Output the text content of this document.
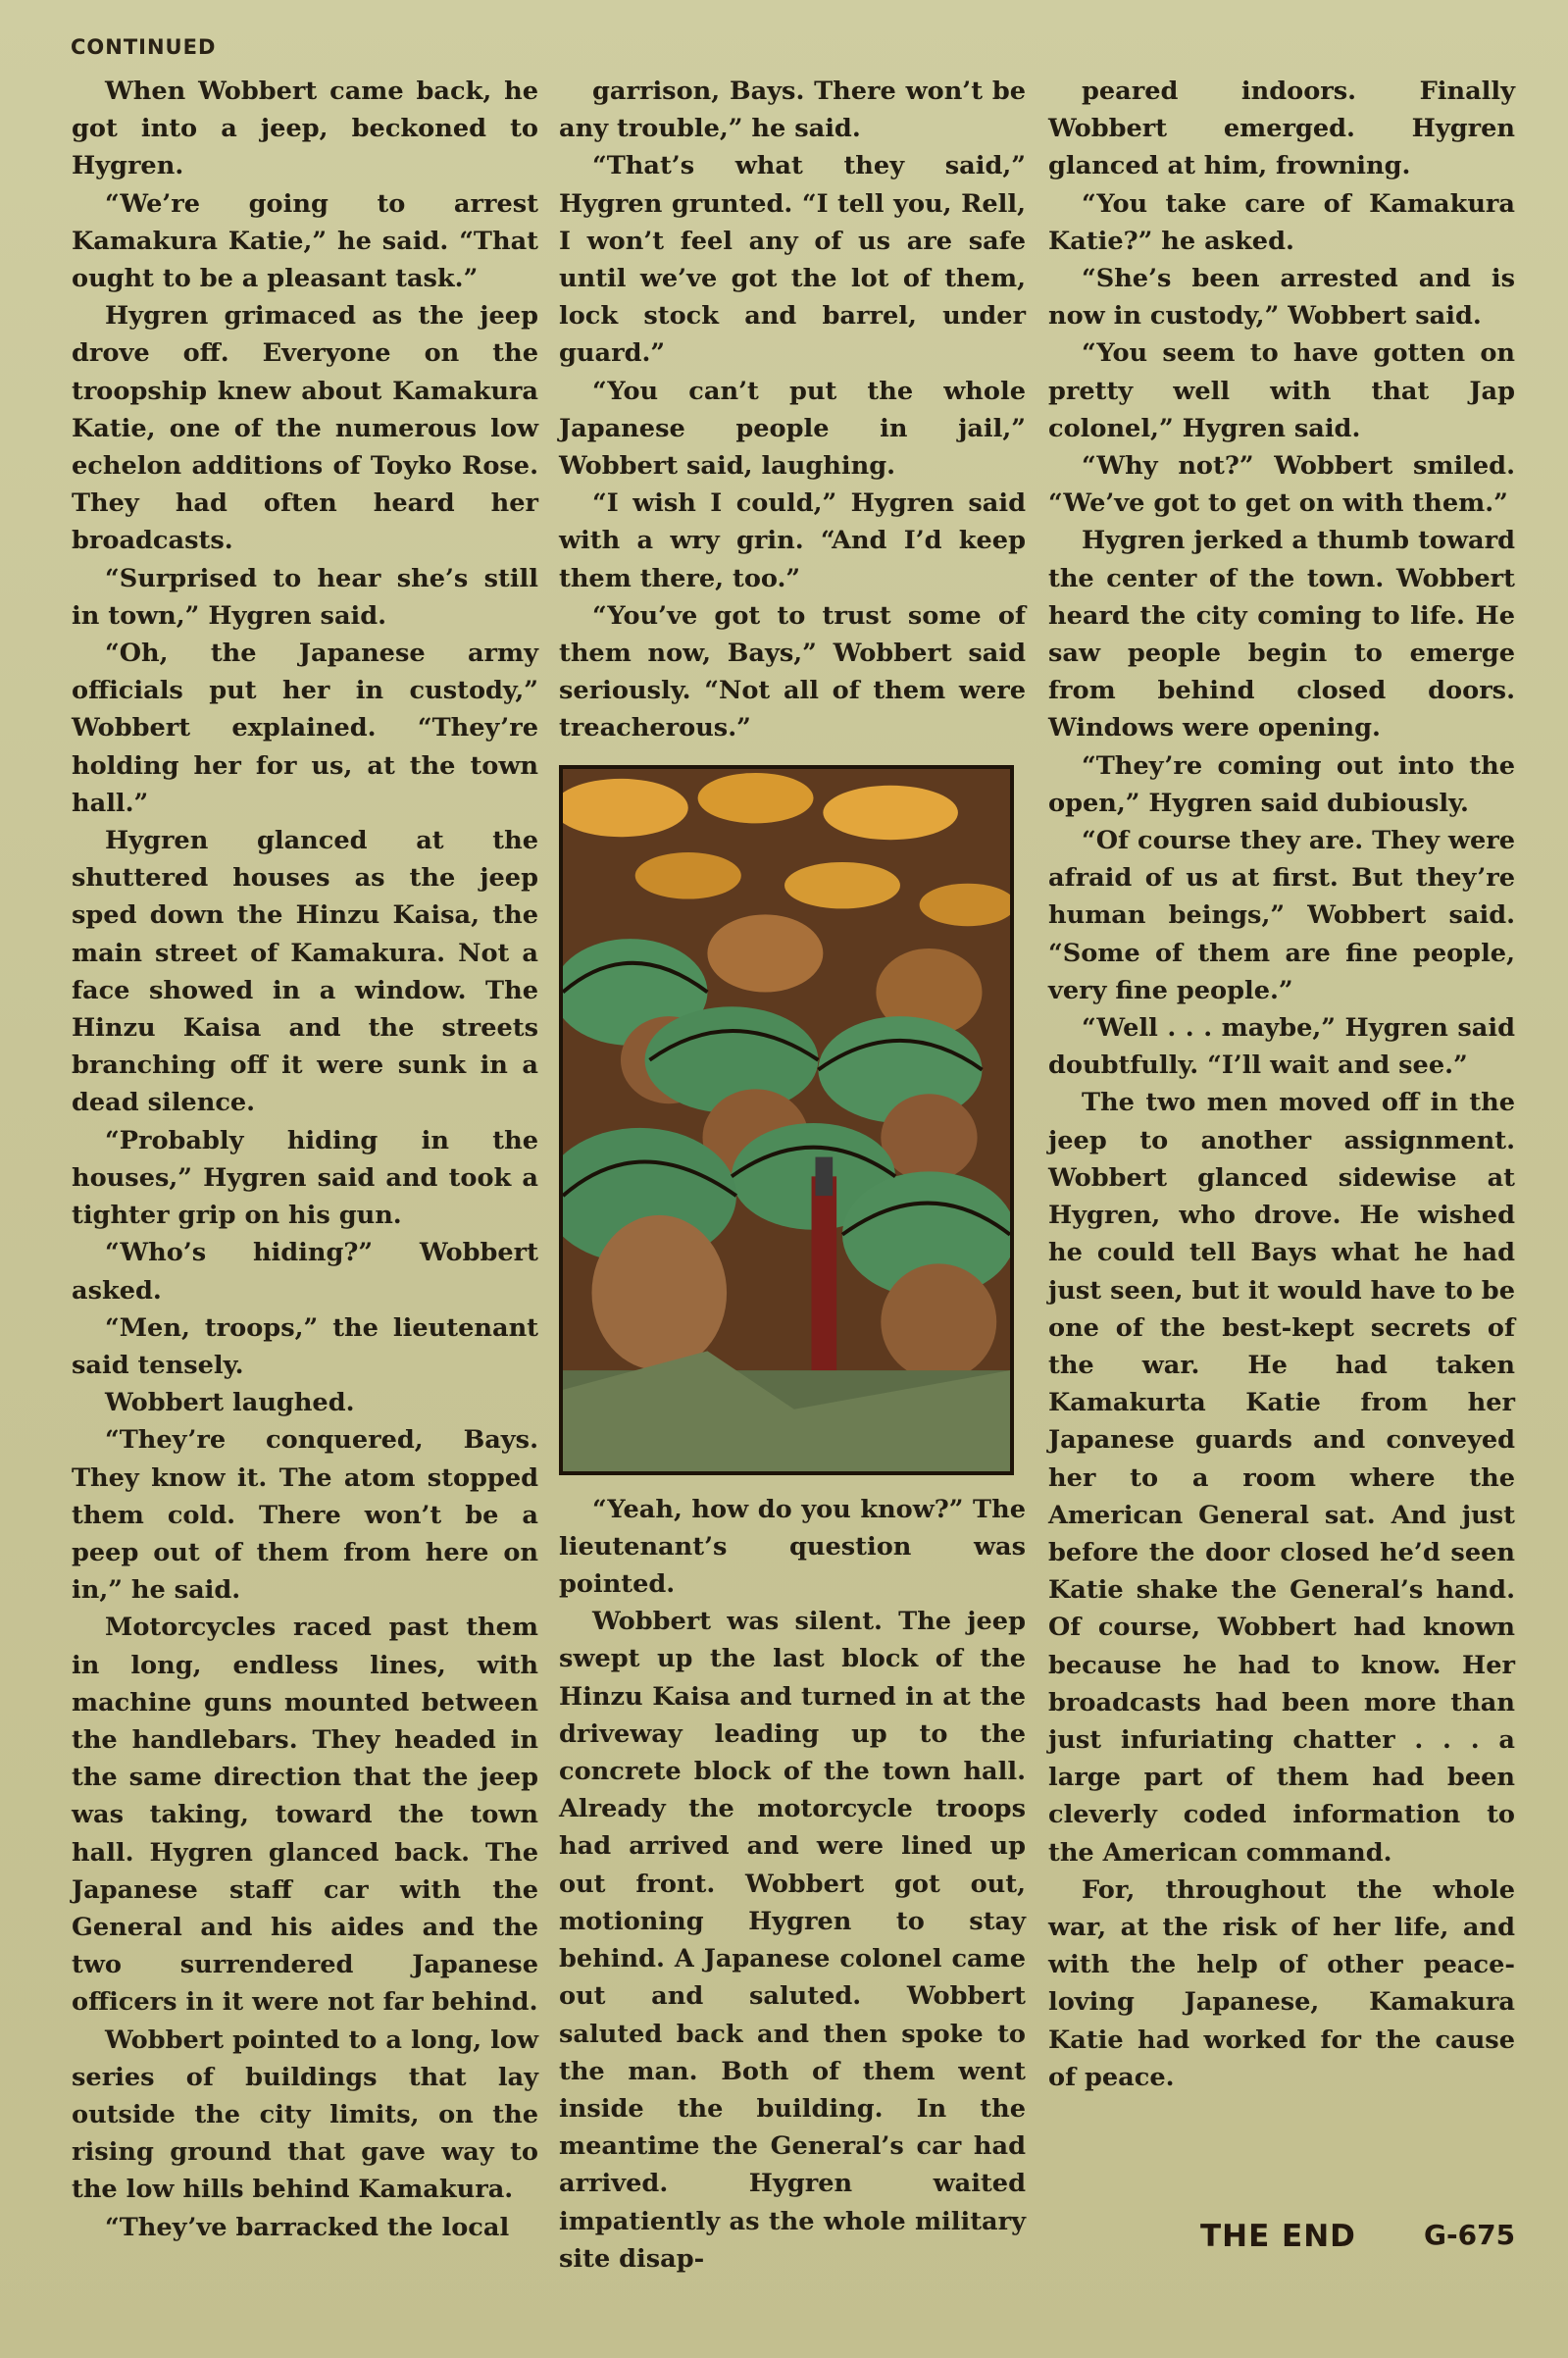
CONTINUED

When Wobbert came back, he got into a jeep, beckoned to Hygren.

“We’re going to arrest Kamakura Katie,” he said. “That ought to be a pleasant task.”

Hygren grimaced as the jeep drove off. Everyone on the troopship knew about Kamakura Katie, one of the numerous low echelon additions of Toyko Rose. They had often heard her broadcasts.

“Surprised to hear she’s still in town,” Hygren said.

“Oh, the Japanese army officials put her in custody,” Wobbert explained. “They’re holding her for us, at the town hall.”

Hygren glanced at the shuttered houses as the jeep sped down the Hinzu Kaisa, the main street of Kamakura. Not a face showed in a window. The Hinzu Kaisa and the streets branching off it were sunk in a dead silence.

“Probably hiding in the houses,” Hygren said and took a tighter grip on his gun.

“Who’s hiding?” Wobbert asked.

“Men, troops,” the lieutenant said tensely.

Wobbert laughed.

“They’re conquered, Bays. They know it. The atom stopped them cold. There won’t be a peep out of them from here on in,” he said.

Motorcycles raced past them in long, endless lines, with machine guns mounted between the handlebars. They headed in the same direction that the jeep was taking, toward the town hall. Hygren glanced back. The Japanese staff car with the General and his aides and the two surrendered Japanese officers in it were not far behind.

Wobbert pointed to a long, low series of buildings that lay outside the city limits, on the rising ground that gave way to the low hills behind Kamakura.

“They’ve barracked the local

garrison, Bays. There won’t be any trouble,” he said.

“That’s what they said,” Hygren grunted. “I tell you, Rell, I won’t feel any of us are safe until we’ve got the lot of them, lock stock and barrel, under guard.”

“You can’t put the whole Japanese people in jail,” Wobbert said, laughing.

“I wish I could,” Hygren said with a wry grin. “And I’d keep them there, too.”

“You’ve got to trust some of them now, Bays,” Wobbert said seriously. “Not all of them were treacherous.”

“Yeah, how do you know?” The lieutenant’s question was pointed.

Wobbert was silent. The jeep swept up the last block of the Hinzu Kaisa and turned in at the driveway leading up to the concrete block of the town hall. Already the motorcycle troops had arrived and were lined up out front. Wobbert got out, motioning Hygren to stay behind. A Japanese colonel came out and saluted. Wobbert saluted back and then spoke to the man. Both of them went inside the building. In the meantime the General’s car had arrived. Hygren waited impatiently as the whole military site disap-

peared indoors. Finally Wobbert emerged. Hygren glanced at him, frowning.

“You take care of Kamakura Katie?” he asked.

“She’s been arrested and is now in custody,” Wobbert said.

“You seem to have gotten on pretty well with that Jap colonel,” Hygren said.

“Why not?” Wobbert smiled. “We’ve got to get on with them.”

Hygren jerked a thumb toward the center of the town. Wobbert heard the city coming to life. He saw people begin to emerge from behind closed doors. Windows were opening.

“They’re coming out into the open,” Hygren said dubiously.

“Of course they are. They were afraid of us at first. But they’re human beings,” Wobbert said. “Some of them are fine people, very fine people.”

“Well . . . maybe,” Hygren said doubtfully. “I’ll wait and see.”

The two men moved off in the jeep to another assignment. Wobbert glanced sidewise at Hygren, who drove. He wished he could tell Bays what he had just seen, but it would have to be one of the best-kept secrets of the war. He had taken Kamakurta Katie from her Japanese guards and conveyed her to a room where the American General sat. And just before the door closed he’d seen Katie shake the General’s hand. Of course, Wobbert had known because he had to know. Her broadcasts had been more than just infuriating chatter . . . a large part of them had been cleverly coded information to the American command.

For, throughout the whole war, at the risk of her life, and with the help of other peace-loving Japanese, Kamakura Katie had worked for the cause of peace.

THE END G-675
